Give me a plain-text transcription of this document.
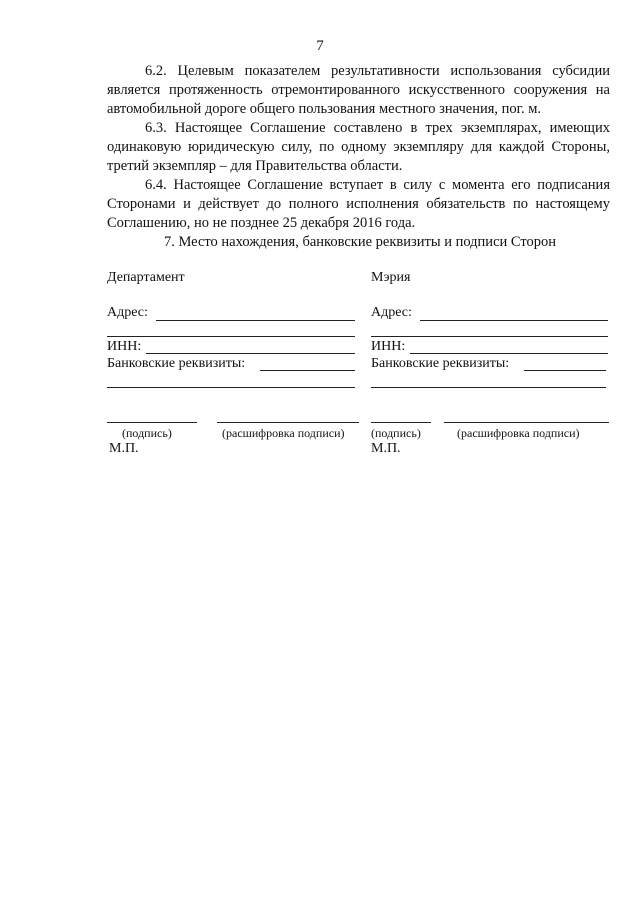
7

6.2. Целевым показателем результативности использования субсидии является протяженность отремонтированного искусственного сооружения на автомобильной дороге общего пользования местного значения, пог. м.

6.3. Настоящее Соглашение составлено в трех экземплярах, имеющих одинаковую юридическую силу, по одному экземпляру для каждой Стороны, третий экземпляр – для Правительства области.

6.4. Настоящее Соглашение вступает в силу с момента его подписания Сторонами и действует до полного исполнения обязательств по настоящему Соглашению, но не позднее 25 декабря 2016 года.

7. Место нахождения, банковские реквизиты и подписи Сторон
Департамент
Адрес:
ИНН:
Банковские реквизиты:
(подпись)	(расшифровка подписи)
М.П.
Мэрия
Адрес:
ИНН:
Банковские реквизиты:
(подпись)	(расшифровка подписи)
М.П.
